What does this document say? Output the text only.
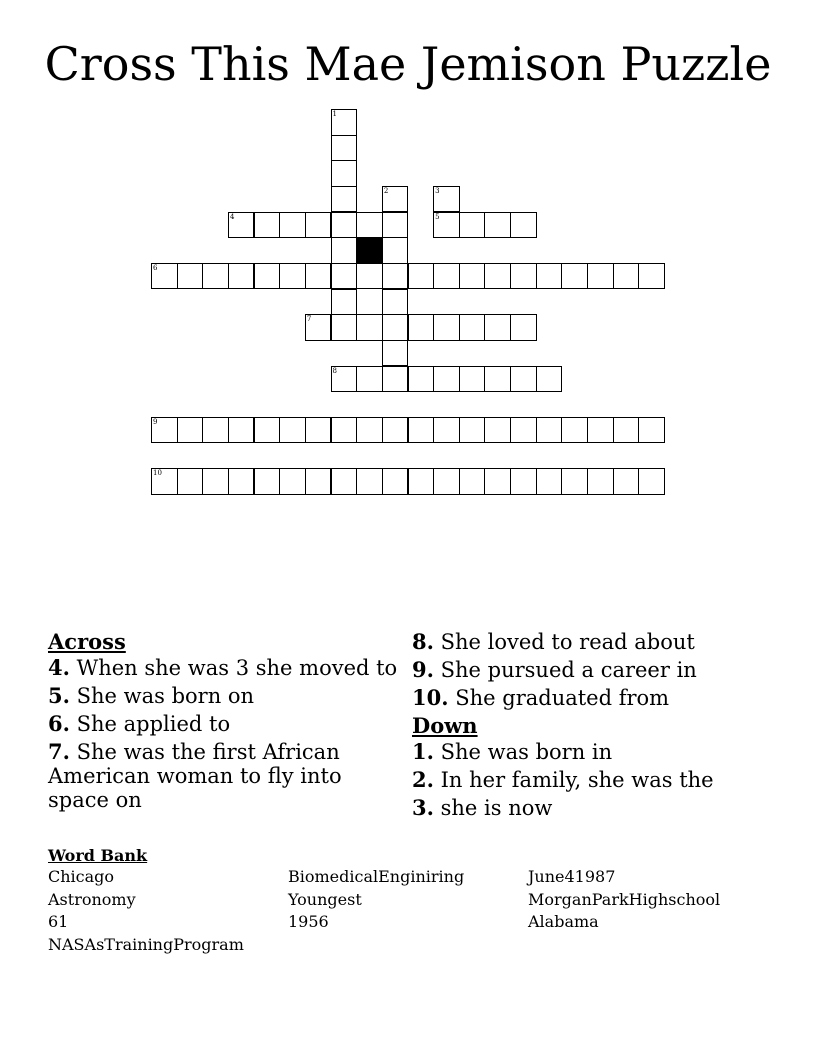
Cross This Mae Jemison Puzzle
1
2	3
5
4
6
7
8
9
10
Across
4. When she was 3 she moved to
5. She was born on
6. She applied to
7. She was the first African American woman to fly into space on
8. She loved to read about
9. She pursued a career in
10. She graduated from
Down
1. She was born in
2. In her family, she was the
3. she is now
Word Bank
Chicago	BiomedicalEnginiring	June41987
Astronomy	Youngest	MorganParkHighschool
61	1956	Alabama
NASAsTrainingProgram
